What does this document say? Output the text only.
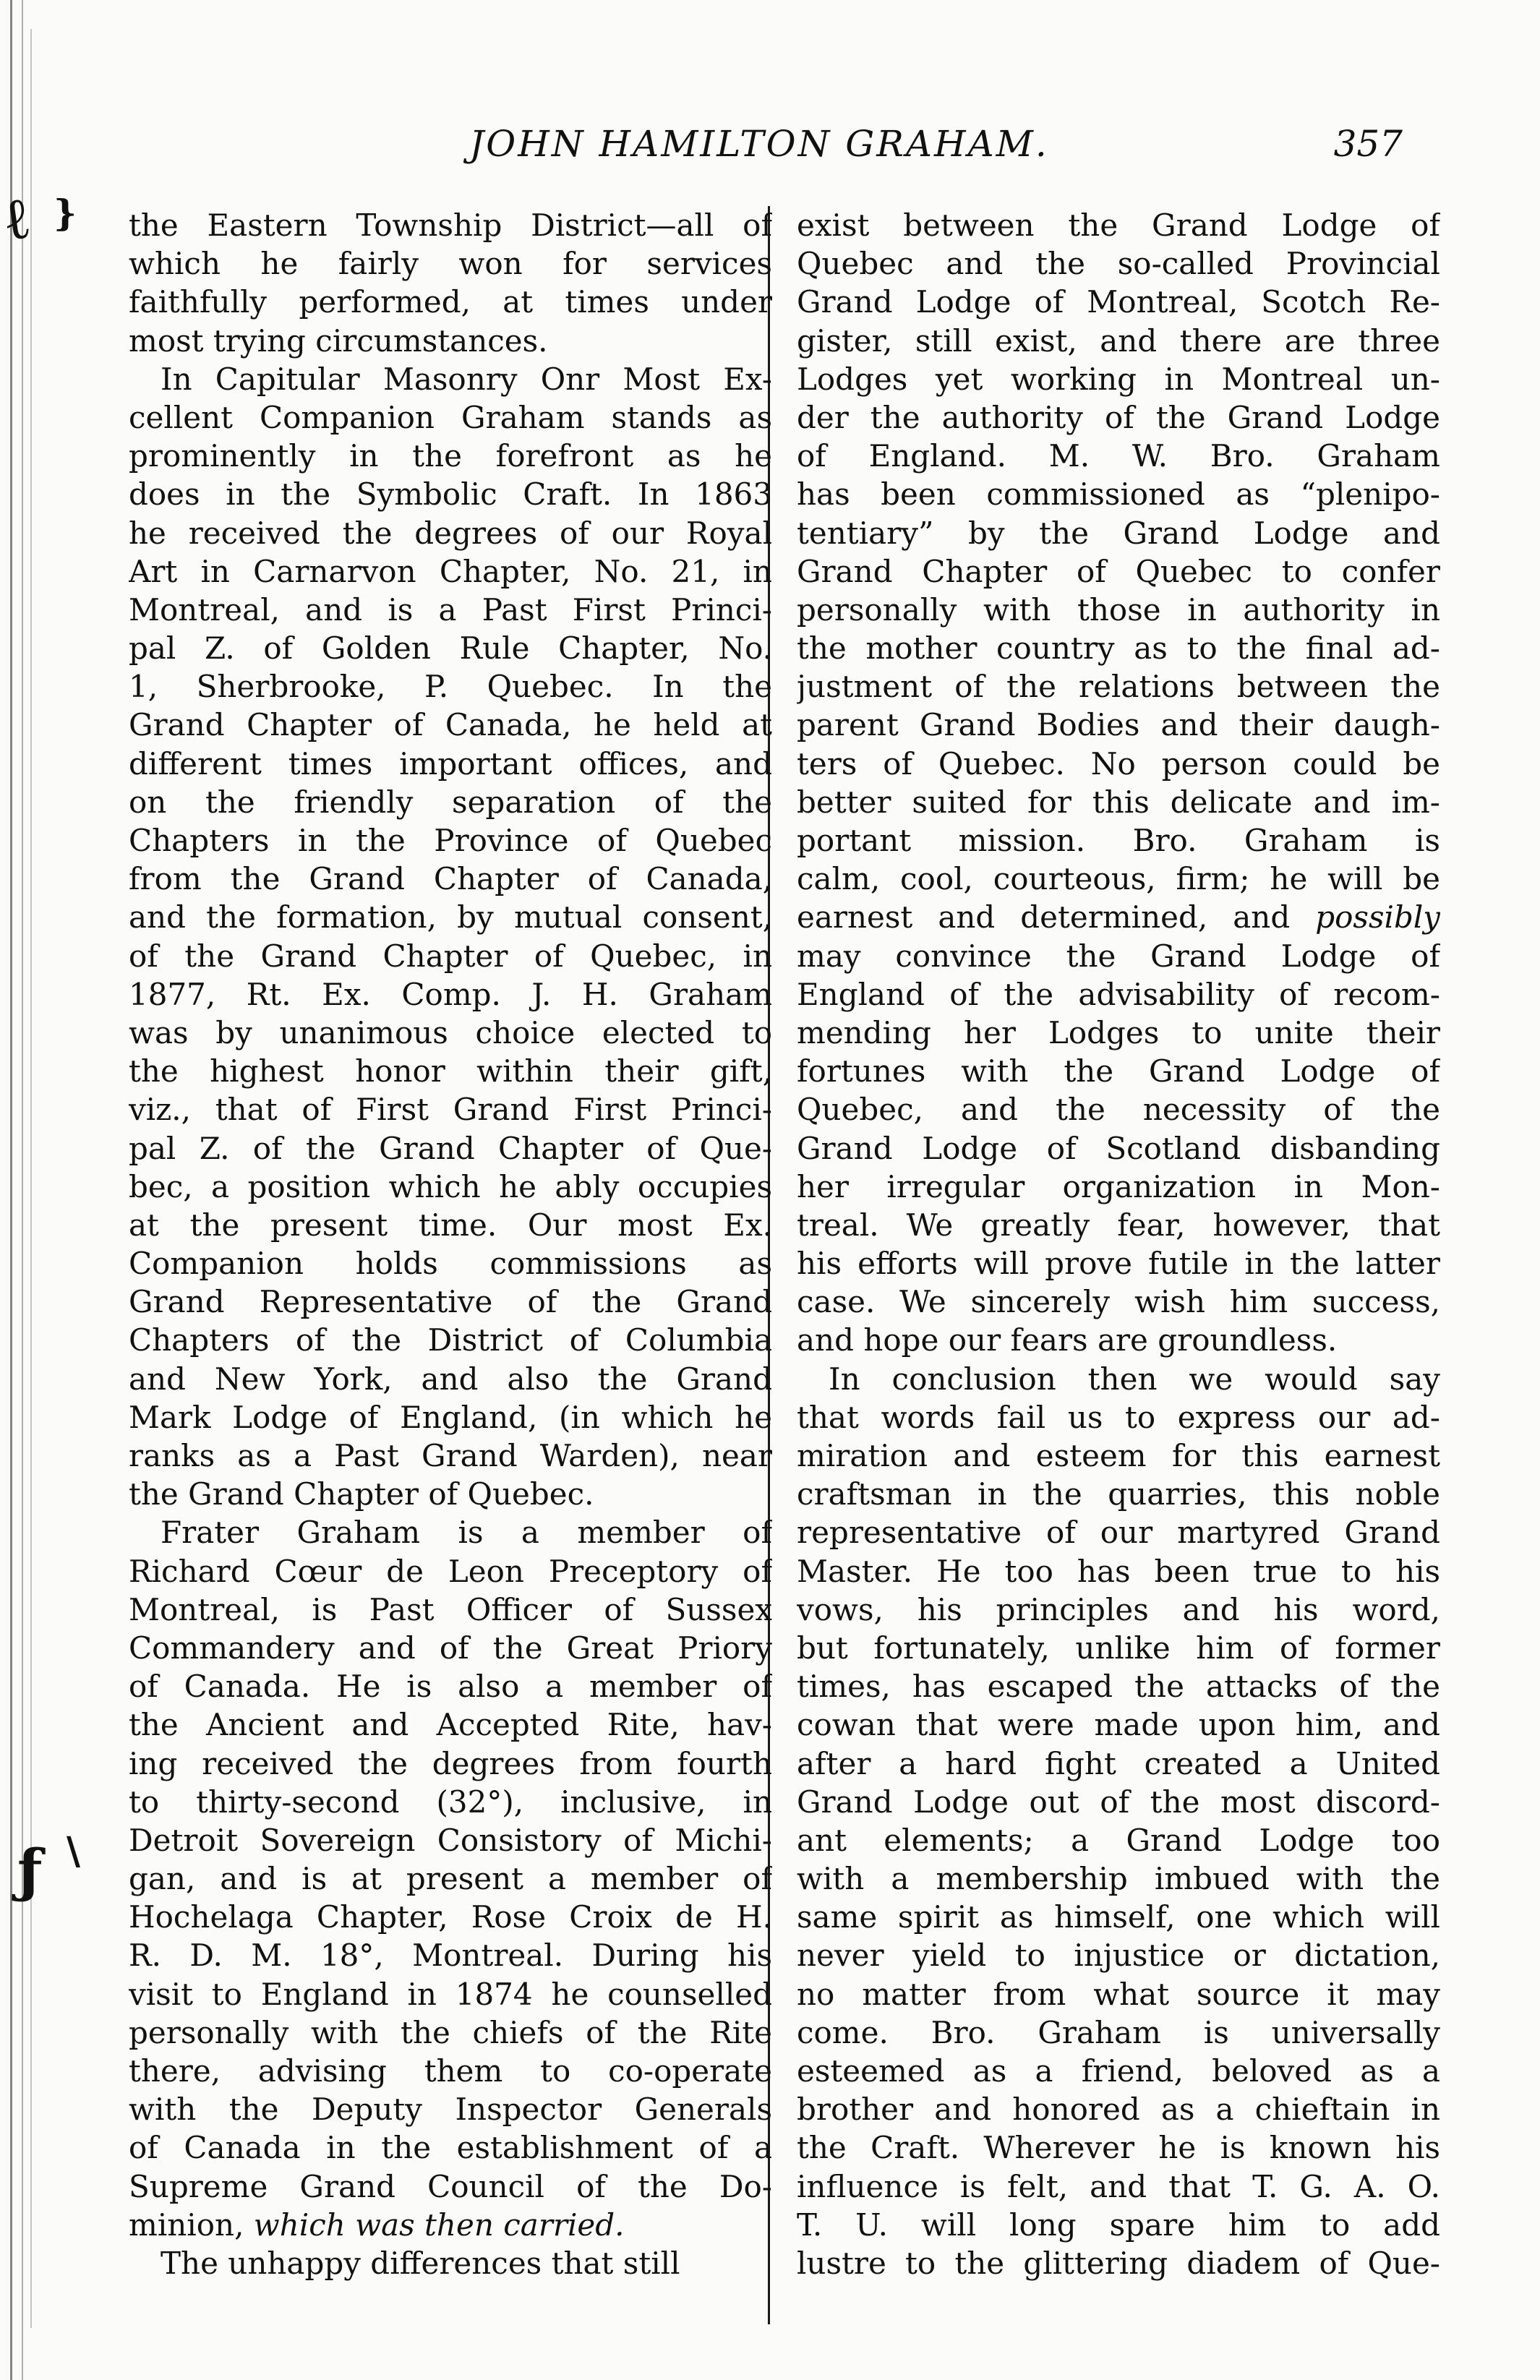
ℓ }
ƒ \
JOHN HAMILTON GRAHAM.	357
the Eastern Township District—all of
which he fairly won for services
faithfully performed, at times under
most trying circumstances.
In Capitular Masonry Onr Most Ex-
cellent Companion Graham stands as
prominently in the forefront as he
does in the Symbolic Craft. In 1863
he received the degrees of our Royal
Art in Carnarvon Chapter, No. 21, in
Montreal, and is a Past First Princi-
pal Z. of Golden Rule Chapter, No.
1, Sherbrooke, P. Quebec. In the
Grand Chapter of Canada, he held at
different times important offices, and
on the friendly separation of the
Chapters in the Province of Quebec
from the Grand Chapter of Canada,
and the formation, by mutual consent,
of the Grand Chapter of Quebec, in
1877, Rt. Ex. Comp. J. H. Graham
was by unanimous choice elected to
the highest honor within their gift,
viz., that of First Grand First Princi-
pal Z. of the Grand Chapter of Que-
bec, a position which he ably occupies
at the present time. Our most Ex.
Companion holds commissions as
Grand Representative of the Grand
Chapters of the District of Columbia
and New York, and also the Grand
Mark Lodge of England, (in which he
ranks as a Past Grand Warden), near
the Grand Chapter of Quebec.
Frater Graham is a member of
Richard Cœur de Leon Preceptory of
Montreal, is Past Officer of Sussex
Commandery and of the Great Priory
of Canada. He is also a member of
the Ancient and Accepted Rite, hav-
ing received the degrees from fourth
to thirty-second (32°), inclusive, in
Detroit Sovereign Consistory of Michi-
gan, and is at present a member of
Hochelaga Chapter, Rose Croix de H.
R. D. M. 18°, Montreal. During his
visit to England in 1874 he counselled
personally with the chiefs of the Rite
there, advising them to co-operate
with the Deputy Inspector Generals
of Canada in the establishment of a
Supreme Grand Council of the Do-
minion, which was then carried.
The unhappy differences that still
exist between the Grand Lodge of
Quebec and the so-called Provincial
Grand Lodge of Montreal, Scotch Re-
gister, still exist, and there are three
Lodges yet working in Montreal un-
der the authority of the Grand Lodge
of England. M. W. Bro. Graham
has been commissioned as “plenipo-
tentiary” by the Grand Lodge and
Grand Chapter of Quebec to confer
personally with those in authority in
the mother country as to the final ad-
justment of the relations between the
parent Grand Bodies and their daugh-
ters of Quebec. No person could be
better suited for this delicate and im-
portant mission. Bro. Graham is
calm, cool, courteous, firm; he will be
earnest and determined, and possibly
may convince the Grand Lodge of
England of the advisability of recom-
mending her Lodges to unite their
fortunes with the Grand Lodge of
Quebec, and the necessity of the
Grand Lodge of Scotland disbanding
her irregular organization in Mon-
treal. We greatly fear, however, that
his efforts will prove futile in the latter
case. We sincerely wish him success,
and hope our fears are groundless.
In conclusion then we would say
that words fail us to express our ad-
miration and esteem for this earnest
craftsman in the quarries, this noble
representative of our martyred Grand
Master. He too has been true to his
vows, his principles and his word,
but fortunately, unlike him of former
times, has escaped the attacks of the
cowan that were made upon him, and
after a hard fight created a United
Grand Lodge out of the most discord-
ant elements; a Grand Lodge too
with a membership imbued with the
same spirit as himself, one which will
never yield to injustice or dictation,
no matter from what source it may
come. Bro. Graham is universally
esteemed as a friend, beloved as a
brother and honored as a chieftain in
the Craft. Wherever he is known his
influence is felt, and that T. G. A. O.
T. U. will long spare him to add
lustre to the glittering diadem of Que-
